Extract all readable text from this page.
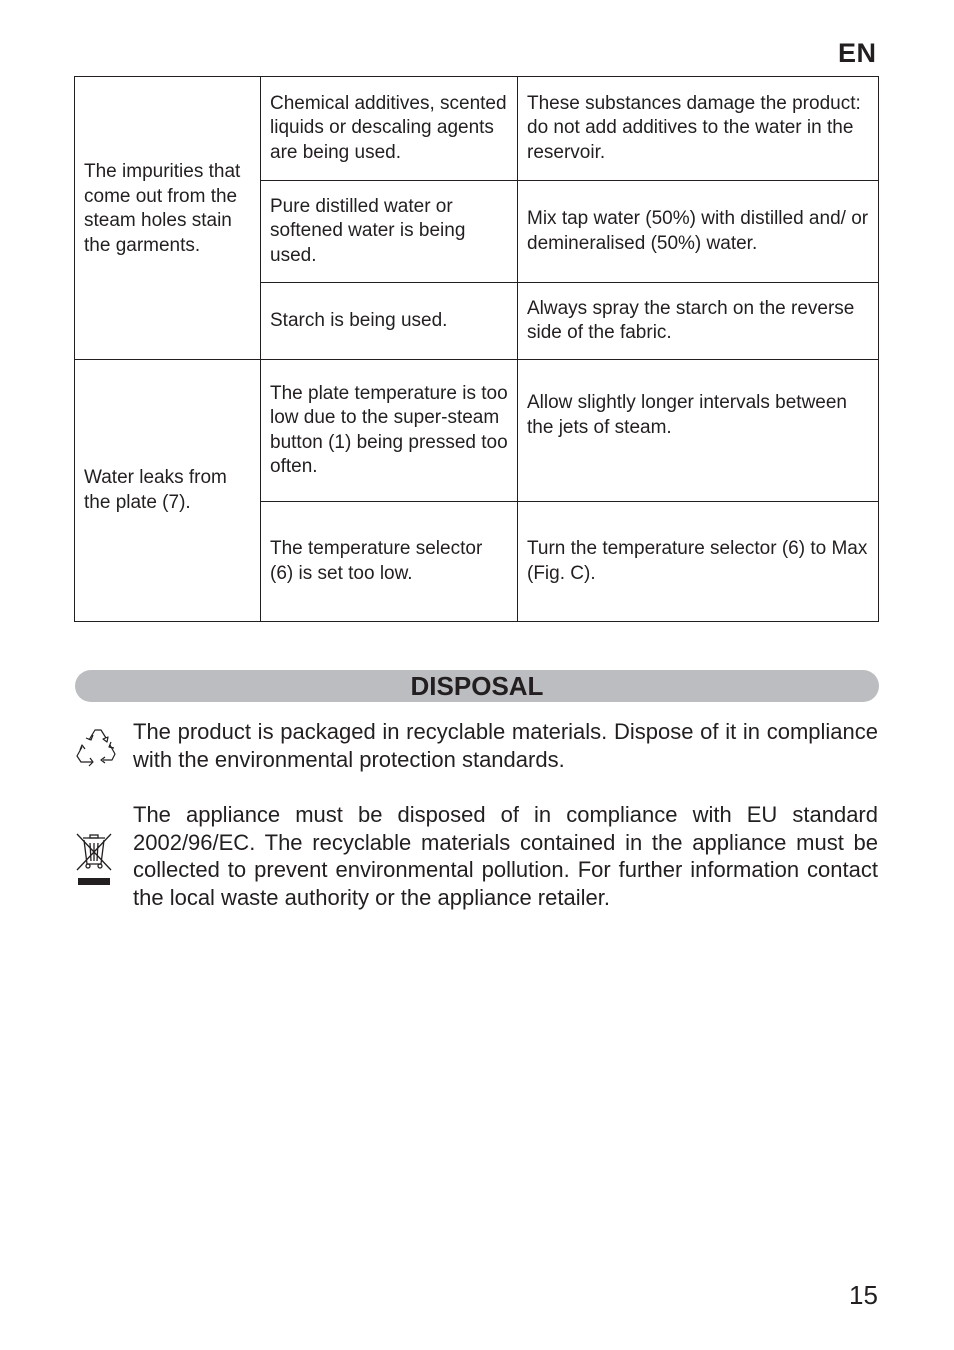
EN
The impurities that come out from the steam holes stain the garments.	Chemical additives, scented liquids or descaling agents are being used.	These substances damage the product: do not add additives to the water in the reservoir.
	Pure distilled water or softened water is being used.	Mix tap water (50%) with distilled and/ or demineralised (50%) water.
	Starch is being used.	Always spray the starch on the reverse side of the fabric.
Water leaks from the plate (7).	The plate temperature is too low due to the super-steam button (1) being pressed too often.	Allow slightly longer intervals between the jets of steam.
	The temperature selector (6) is set too low.	Turn the temperature selector (6) to Max (Fig. C).
DISPOSAL
The product is packaged in recyclable materials. Dispose of it in compliance with the environmental protection standards.
The appliance must be disposed of in compliance with EU standard 2002/96/EC. The recyclable materials contained in the appliance must be collected to prevent environmental pollution. For further information contact the local waste authority or the appliance retailer.
15
